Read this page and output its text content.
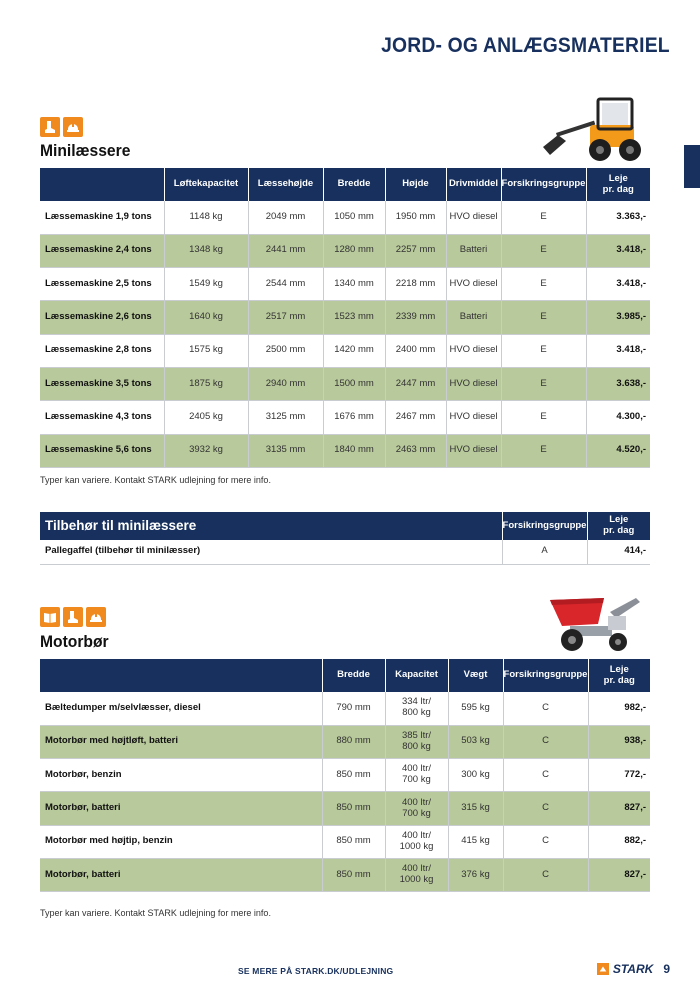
JORD- OG ANLÆGSMATERIEL
Minilæssere
	Løftekapacitet	Læssehøjde	Bredde	Højde	Drivmiddel	Forsikringsgruppe	Leje
pr. dag

Læssemaskine 1,9 tons	1148 kg	2049 mm	1050 mm	1950 mm	HVO diesel	E	3.363,-
Læssemaskine 2,4 tons	1348 kg	2441 mm	1280 mm	2257 mm	Batteri	E	3.418,-
Læssemaskine 2,5 tons	1549 kg	2544 mm	1340 mm	2218 mm	HVO diesel	E	3.418,-
Læssemaskine 2,6 tons	1640 kg	2517 mm	1523 mm	2339 mm	Batteri	E	3.985,-
Læssemaskine 2,8 tons	1575 kg	2500 mm	1420 mm	2400 mm	HVO diesel	E	3.418,-
Læssemaskine 3,5 tons	1875 kg	2940 mm	1500 mm	2447 mm	HVO diesel	E	3.638,-
Læssemaskine 4,3 tons	2405 kg	3125 mm	1676 mm	2467 mm	HVO diesel	E	4.300,-
Læssemaskine 5,6 tons	3932 kg	3135 mm	1840 mm	2463 mm	HVO diesel	E	4.520,-
Typer kan variere. Kontakt STARK udlejning for mere info.
Tilbehør til minilæssere	Forsikringsgruppe	Leje
pr. dag

Pallegaffel (tilbehør til minilæsser)	A	414,-
Motorbør
	Bredde	Kapacitet	Vægt	Forsikringsgruppe	Leje
pr. dag

Bæltedumper m/selvlæsser, diesel	790 mm	334 ltr/
800 kg	595 kg	C	982,-
Motorbør med højtløft, batteri	880 mm	385 ltr/
800 kg	503 kg	C	938,-
Motorbør, benzin	850 mm	400 ltr/
700 kg	300 kg	C	772,-
Motorbør, batteri	850 mm	400 ltr/
700 kg	315 kg	C	827,-
Motorbør med højtip, benzin	850 mm	400 ltr/
1000 kg	415 kg	C	882,-
Motorbør, batteri	850 mm	400 ltr/
1000 kg	376 kg	C	827,-
Typer kan variere. Kontakt STARK udlejning for mere info.
SE MERE PÅ STARK.DK/UDLEJNING	STARK 9
